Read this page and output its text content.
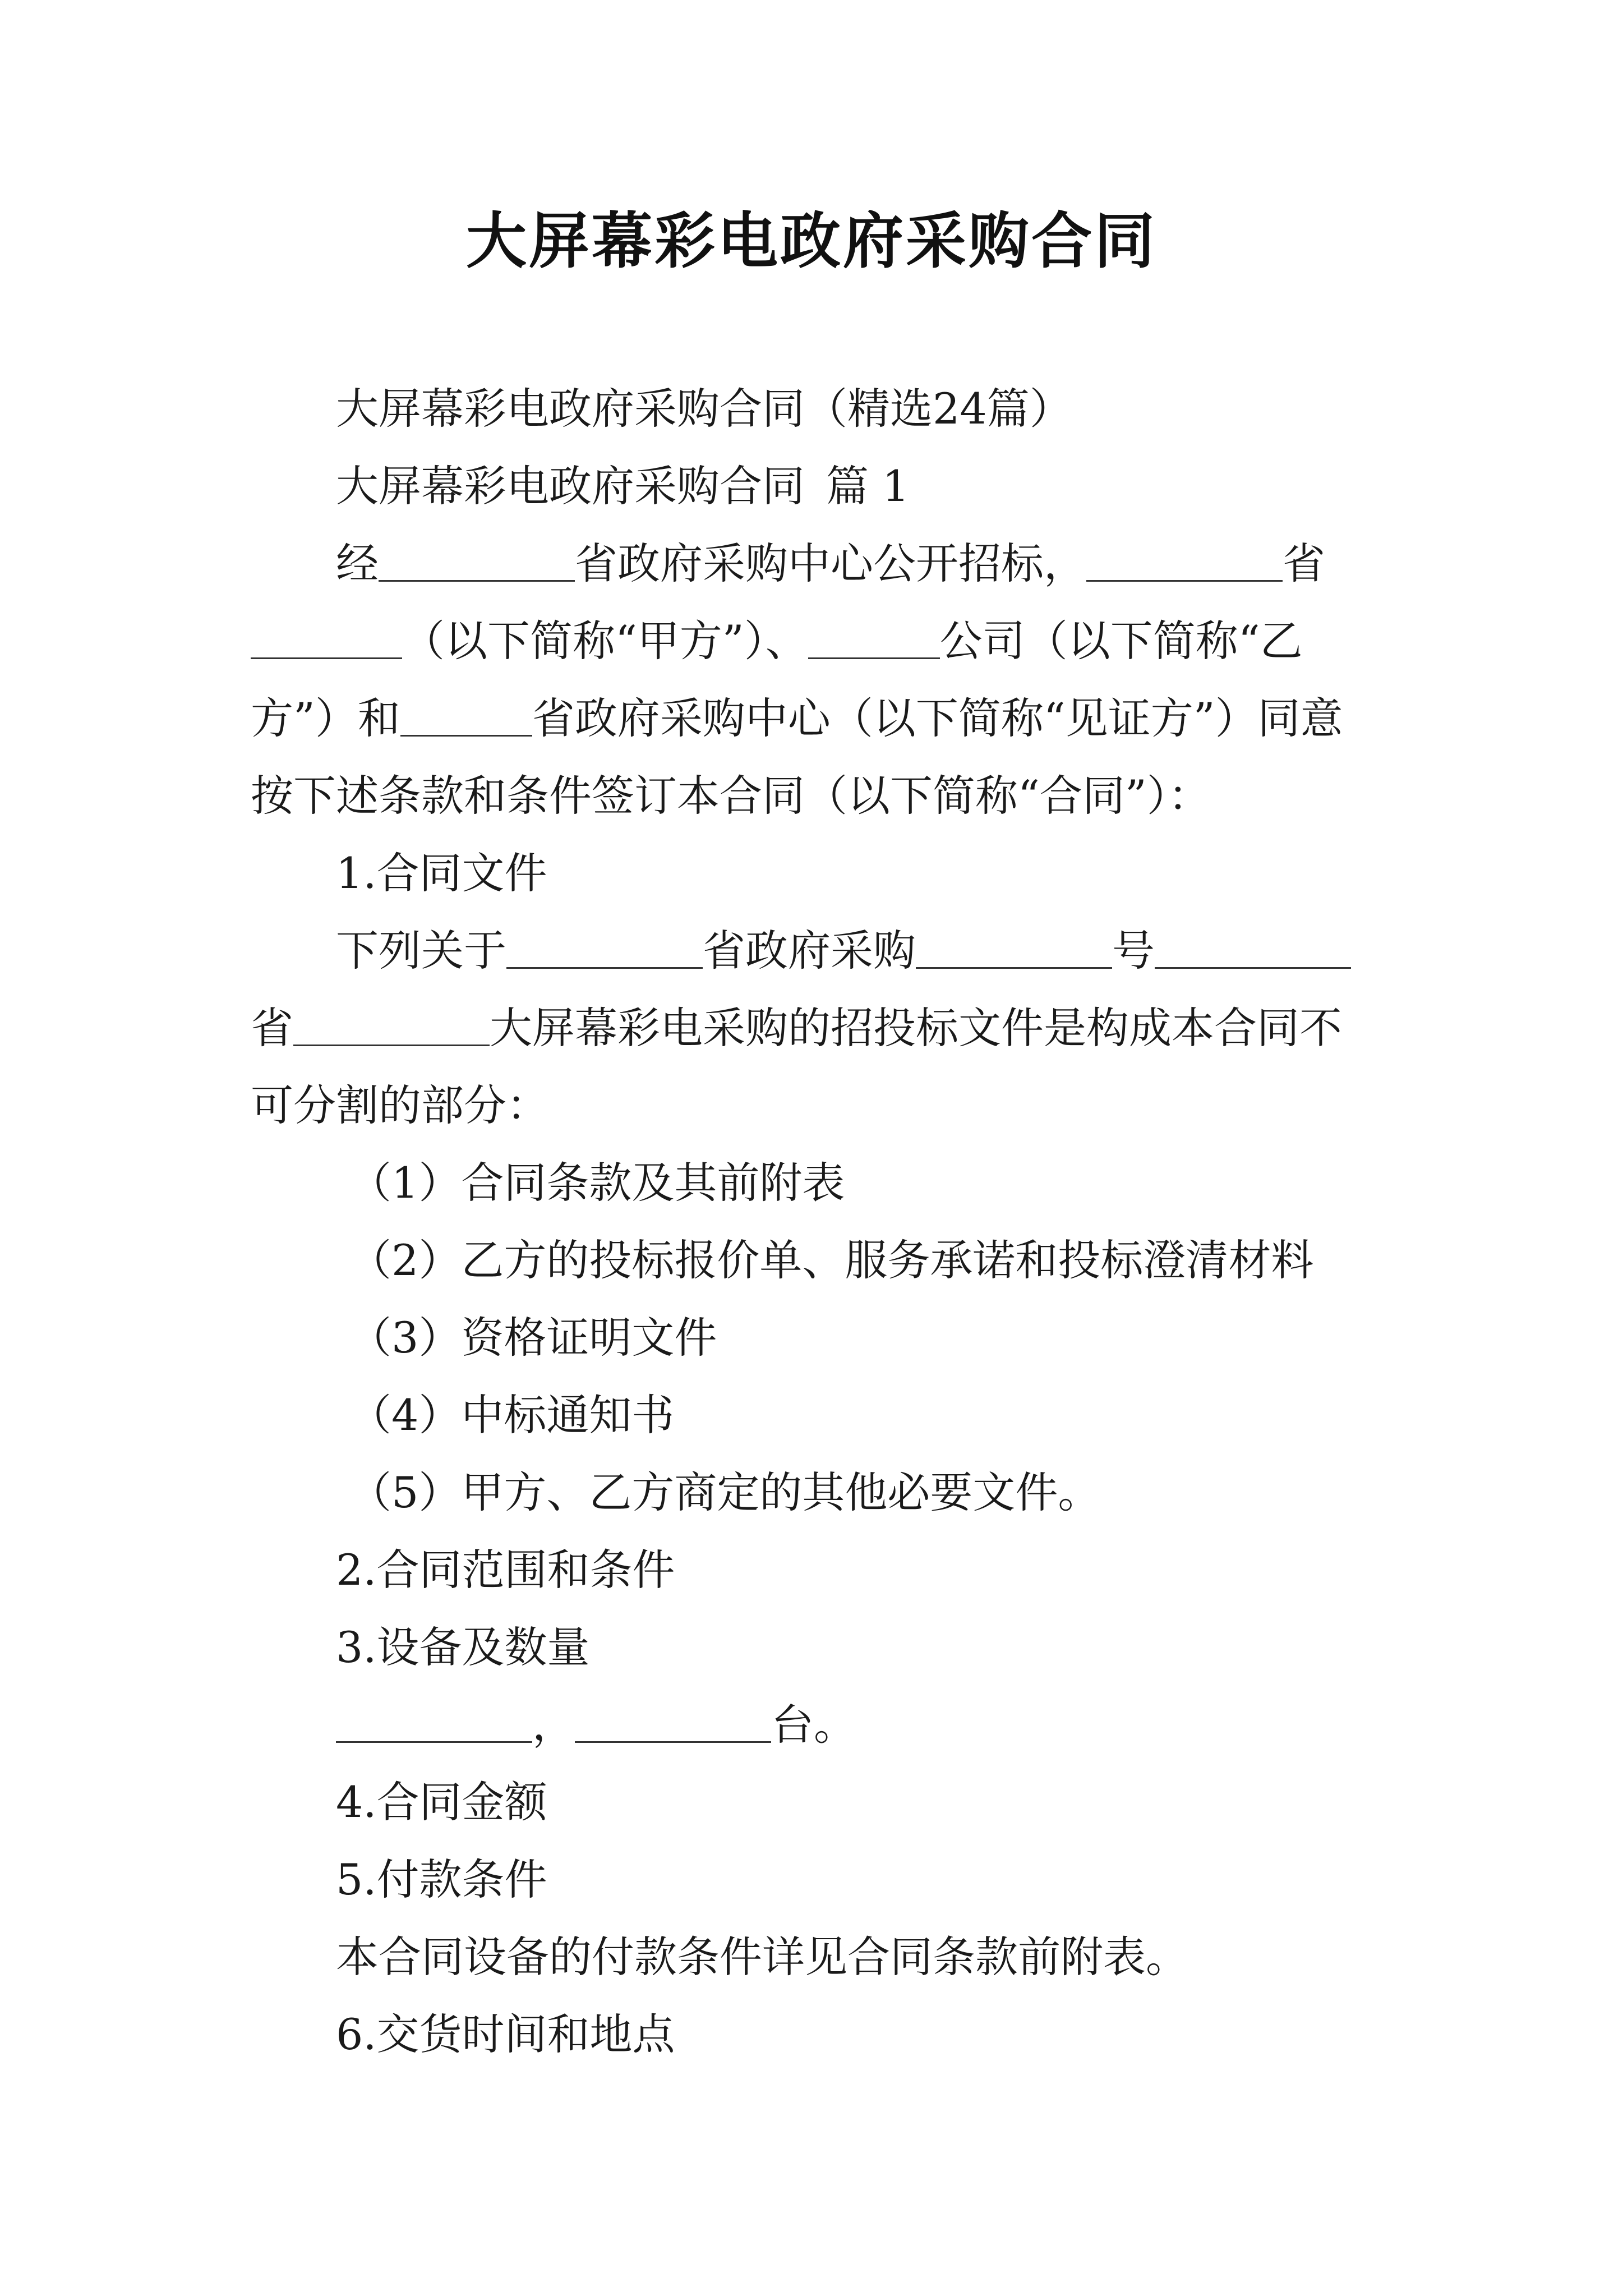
大屏幕彩电政府采购合同

大屏幕彩电政府采购合同（精选24篇）

大屏幕彩电政府采购合同 篇 1

经	省政府采购中心公开招标，	省
（以下简称“甲方”）、	公司（以下简称“乙
方”）和	省政府采购中心（以下简称“见证方”）同意
按下述条款和条件签订本合同（以下简称“合同”）：

1.合同文件

下列关于	省政府采购	号
省	大屏幕彩电采购的招投标文件是构成本合同不
可分割的部分：

（1）合同条款及其前附表

（2）乙方的投标报价单、服务承诺和投标澄清材料

（3）资格证明文件

（4）中标通知书

（5）甲方、乙方商定的其他必要文件。

2.合同范围和条件

3.设备及数量

，	台。

4.合同金额

5.付款条件

本合同设备的付款条件详见合同条款前附表。

6.交货时间和地点
